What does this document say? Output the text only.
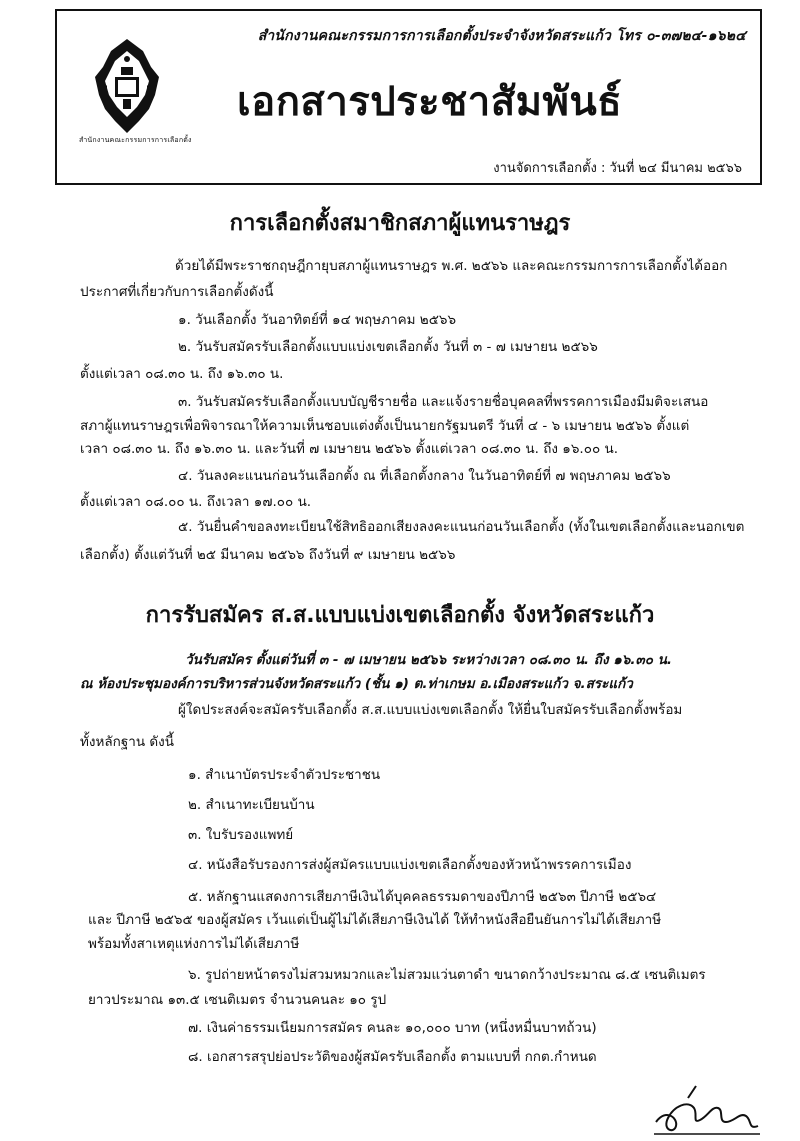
สำนักงานคณะกรรมการการเลือกตั้ง
สำนักงานคณะกรรมการการเลือกตั้งประจำจังหวัดสระแก้ว โทร ๐-๓๗๒๔-๑๖๒๔
เอกสารประชาสัมพันธ์
งานจัดการเลือกตั้ง : วันที่ ๒๔ มีนาคม ๒๕๖๖
การเลือกตั้งสมาชิกสภาผู้แทนราษฎร
ด้วยได้มีพระราชกฤษฎีกายุบสภาผู้แทนราษฎร พ.ศ. ๒๕๖๖ และคณะกรรมการการเลือกตั้งได้ออก
ประกาศที่เกี่ยวกับการเลือกตั้งดังนี้
๑. วันเลือกตั้ง วันอาทิตย์ที่ ๑๔ พฤษภาคม ๒๕๖๖
๒. วันรับสมัครรับเลือกตั้งแบบแบ่งเขตเลือกตั้ง วันที่ ๓ - ๗ เมษายน ๒๕๖๖
ตั้งแต่เวลา ๐๘.๓๐ น. ถึง ๑๖.๓๐ น.
๓. วันรับสมัครรับเลือกตั้งแบบบัญชีรายชื่อ และแจ้งรายชื่อบุคคลที่พรรคการเมืองมีมติจะเสนอ
สภาผู้แทนราษฎรเพื่อพิจารณาให้ความเห็นชอบแต่งตั้งเป็นนายกรัฐมนตรี วันที่ ๔ - ๖ เมษายน ๒๕๖๖ ตั้งแต่
เวลา ๐๘.๓๐ น. ถึง ๑๖.๓๐ น. และวันที่ ๗ เมษายน ๒๕๖๖ ตั้งแต่เวลา ๐๘.๓๐ น. ถึง ๑๖.๐๐ น.
๔. วันลงคะแนนก่อนวันเลือกตั้ง ณ ที่เลือกตั้งกลาง ในวันอาทิตย์ที่ ๗ พฤษภาคม ๒๕๖๖
ตั้งแต่เวลา ๐๘.๐๐ น. ถึงเวลา ๑๗.๐๐ น.
๕. วันยื่นคำขอลงทะเบียนใช้สิทธิออกเสียงลงคะแนนก่อนวันเลือกตั้ง (ทั้งในเขตเลือกตั้งและนอกเขต
เลือกตั้ง) ตั้งแต่วันที่ ๒๕ มีนาคม ๒๕๖๖ ถึงวันที่ ๙ เมษายน ๒๕๖๖
การรับสมัคร ส.ส.แบบแบ่งเขตเลือกตั้ง จังหวัดสระแก้ว
วันรับสมัคร ตั้งแต่วันที่ ๓ - ๗ เมษายน ๒๕๖๖ ระหว่างเวลา ๐๘.๓๐ น. ถึง ๑๖.๓๐ น.
ณ ห้องประชุมองค์การบริหารส่วนจังหวัดสระแก้ว (ชั้น ๑) ต.ท่าเกษม อ.เมืองสระแก้ว จ.สระแก้ว
ผู้ใดประสงค์จะสมัครรับเลือกตั้ง ส.ส.แบบแบ่งเขตเลือกตั้ง ให้ยื่นใบสมัครรับเลือกตั้งพร้อม
ทั้งหลักฐาน ดังนี้
๑. สำเนาบัตรประจำตัวประชาชน
๒. สำเนาทะเบียนบ้าน
๓. ใบรับรองแพทย์
๔. หนังสือรับรองการส่งผู้สมัครแบบแบ่งเขตเลือกตั้งของหัวหน้าพรรคการเมือง
๕. หลักฐานแสดงการเสียภาษีเงินได้บุคคลธรรมดาของปีภาษี ๒๕๖๓ ปีภาษี ๒๕๖๔
และ ปีภาษี ๒๕๖๕ ของผู้สมัคร เว้นแต่เป็นผู้ไม่ได้เสียภาษีเงินได้ ให้ทำหนังสือยืนยันการไม่ได้เสียภาษี
พร้อมทั้งสาเหตุแห่งการไม่ได้เสียภาษี
๖. รูปถ่ายหน้าตรงไม่สวมหมวกและไม่สวมแว่นตาดำ ขนาดกว้างประมาณ ๘.๕ เซนติเมตร
ยาวประมาณ ๑๓.๕ เซนติเมตร จำนวนคนละ ๑๐ รูป
๗. เงินค่าธรรมเนียมการสมัคร คนละ ๑๐,๐๐๐ บาท (หนึ่งหมื่นบาทถ้วน)
๘. เอกสารสรุปย่อประวัติของผู้สมัครรับเลือกตั้ง ตามแบบที่ กกต.กำหนด
